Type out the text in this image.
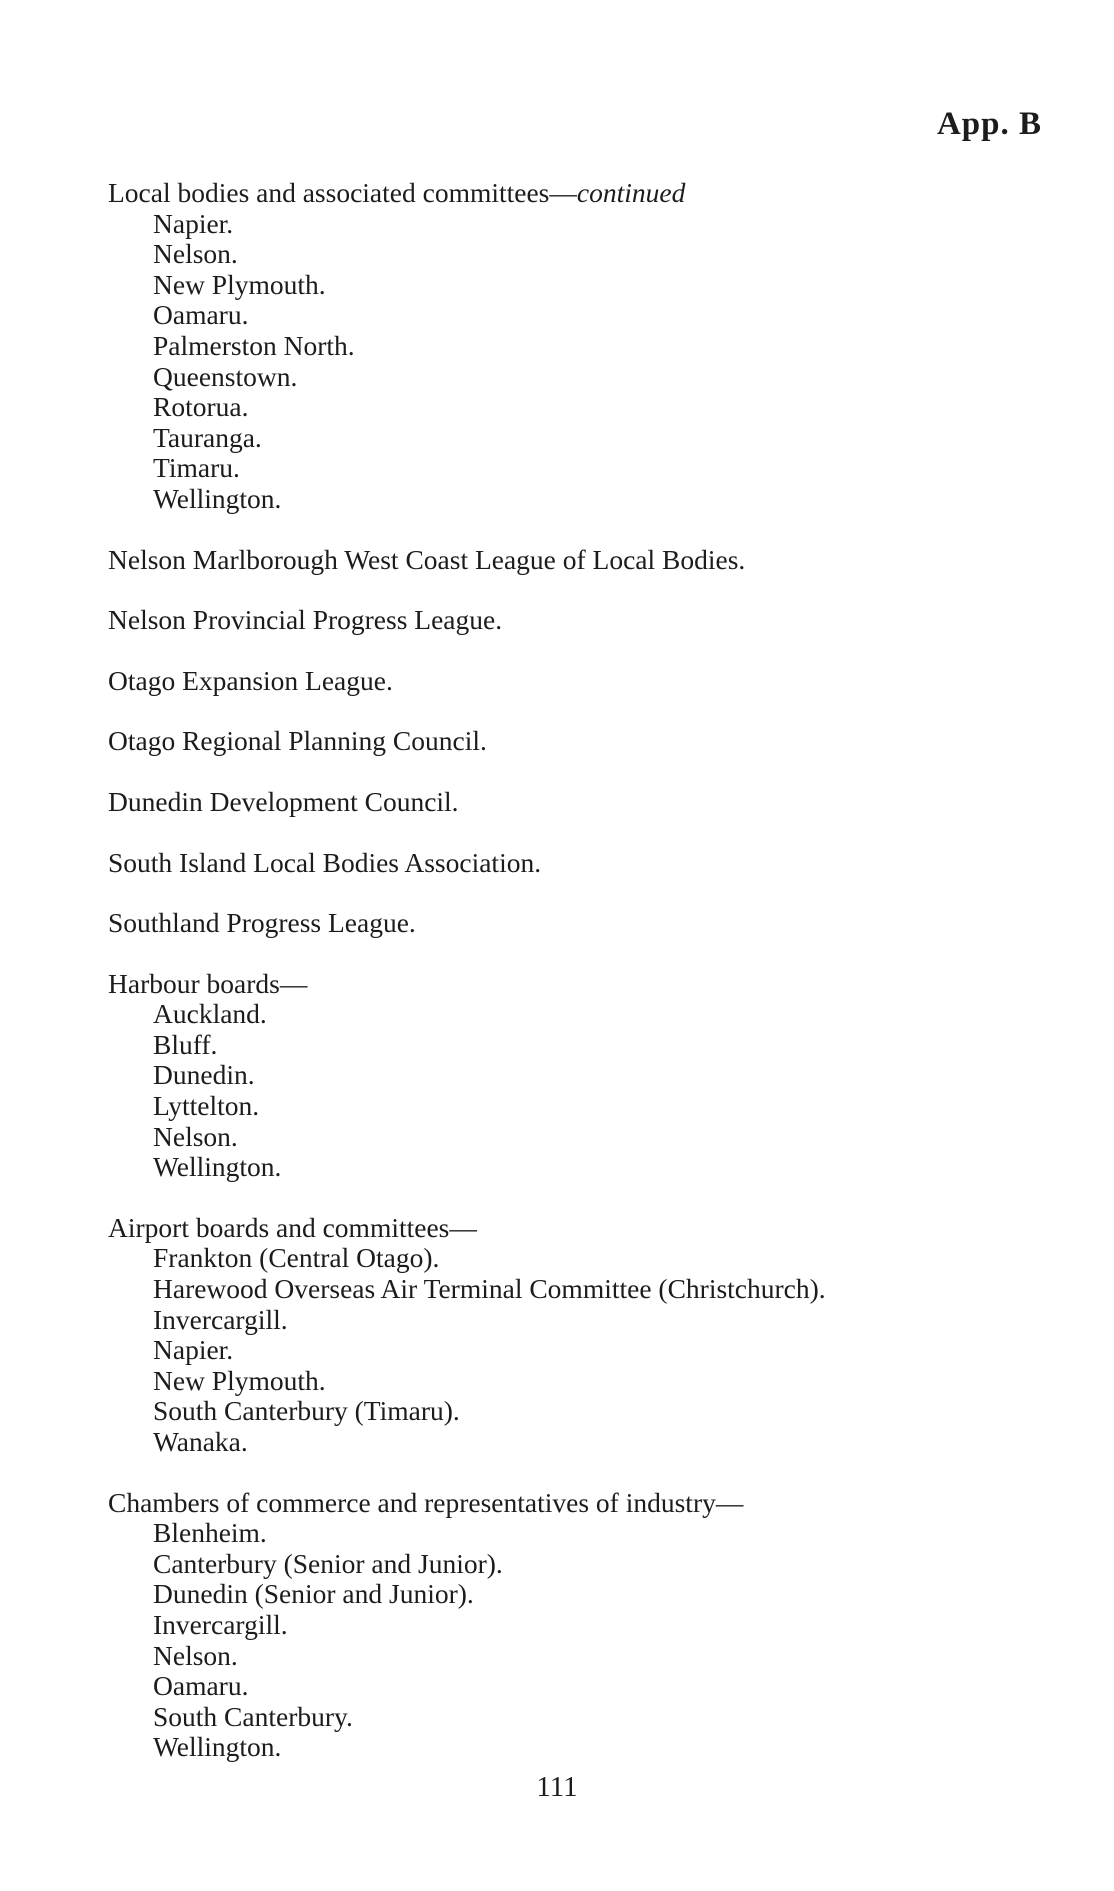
App. B

Local bodies and associated committees—continued

Napier.

Nelson.

New Plymouth.

Oamaru.

Palmerston North.

Queenstown.

Rotorua.

Tauranga.

Timaru.

Wellington.

Nelson Marlborough West Coast League of Local Bodies.

Nelson Provincial Progress League.

Otago Expansion League.

Otago Regional Planning Council.

Dunedin Development Council.

South Island Local Bodies Association.

Southland Progress League.

Harbour boards—

Auckland.

Bluff.

Dunedin.

Lyttelton.

Nelson.

Wellington.

Airport boards and committees—

Frankton (Central Otago).

Harewood Overseas Air Terminal Committee (Christchurch).

Invercargill.

Napier.

New Plymouth.

South Canterbury (Timaru).

Wanaka.

Chambers of commerce and representatives of industry—

Blenheim.

Canterbury (Senior and Junior).

Dunedin (Senior and Junior).

Invercargill.

Nelson.

Oamaru.

South Canterbury.

Wellington.

111
